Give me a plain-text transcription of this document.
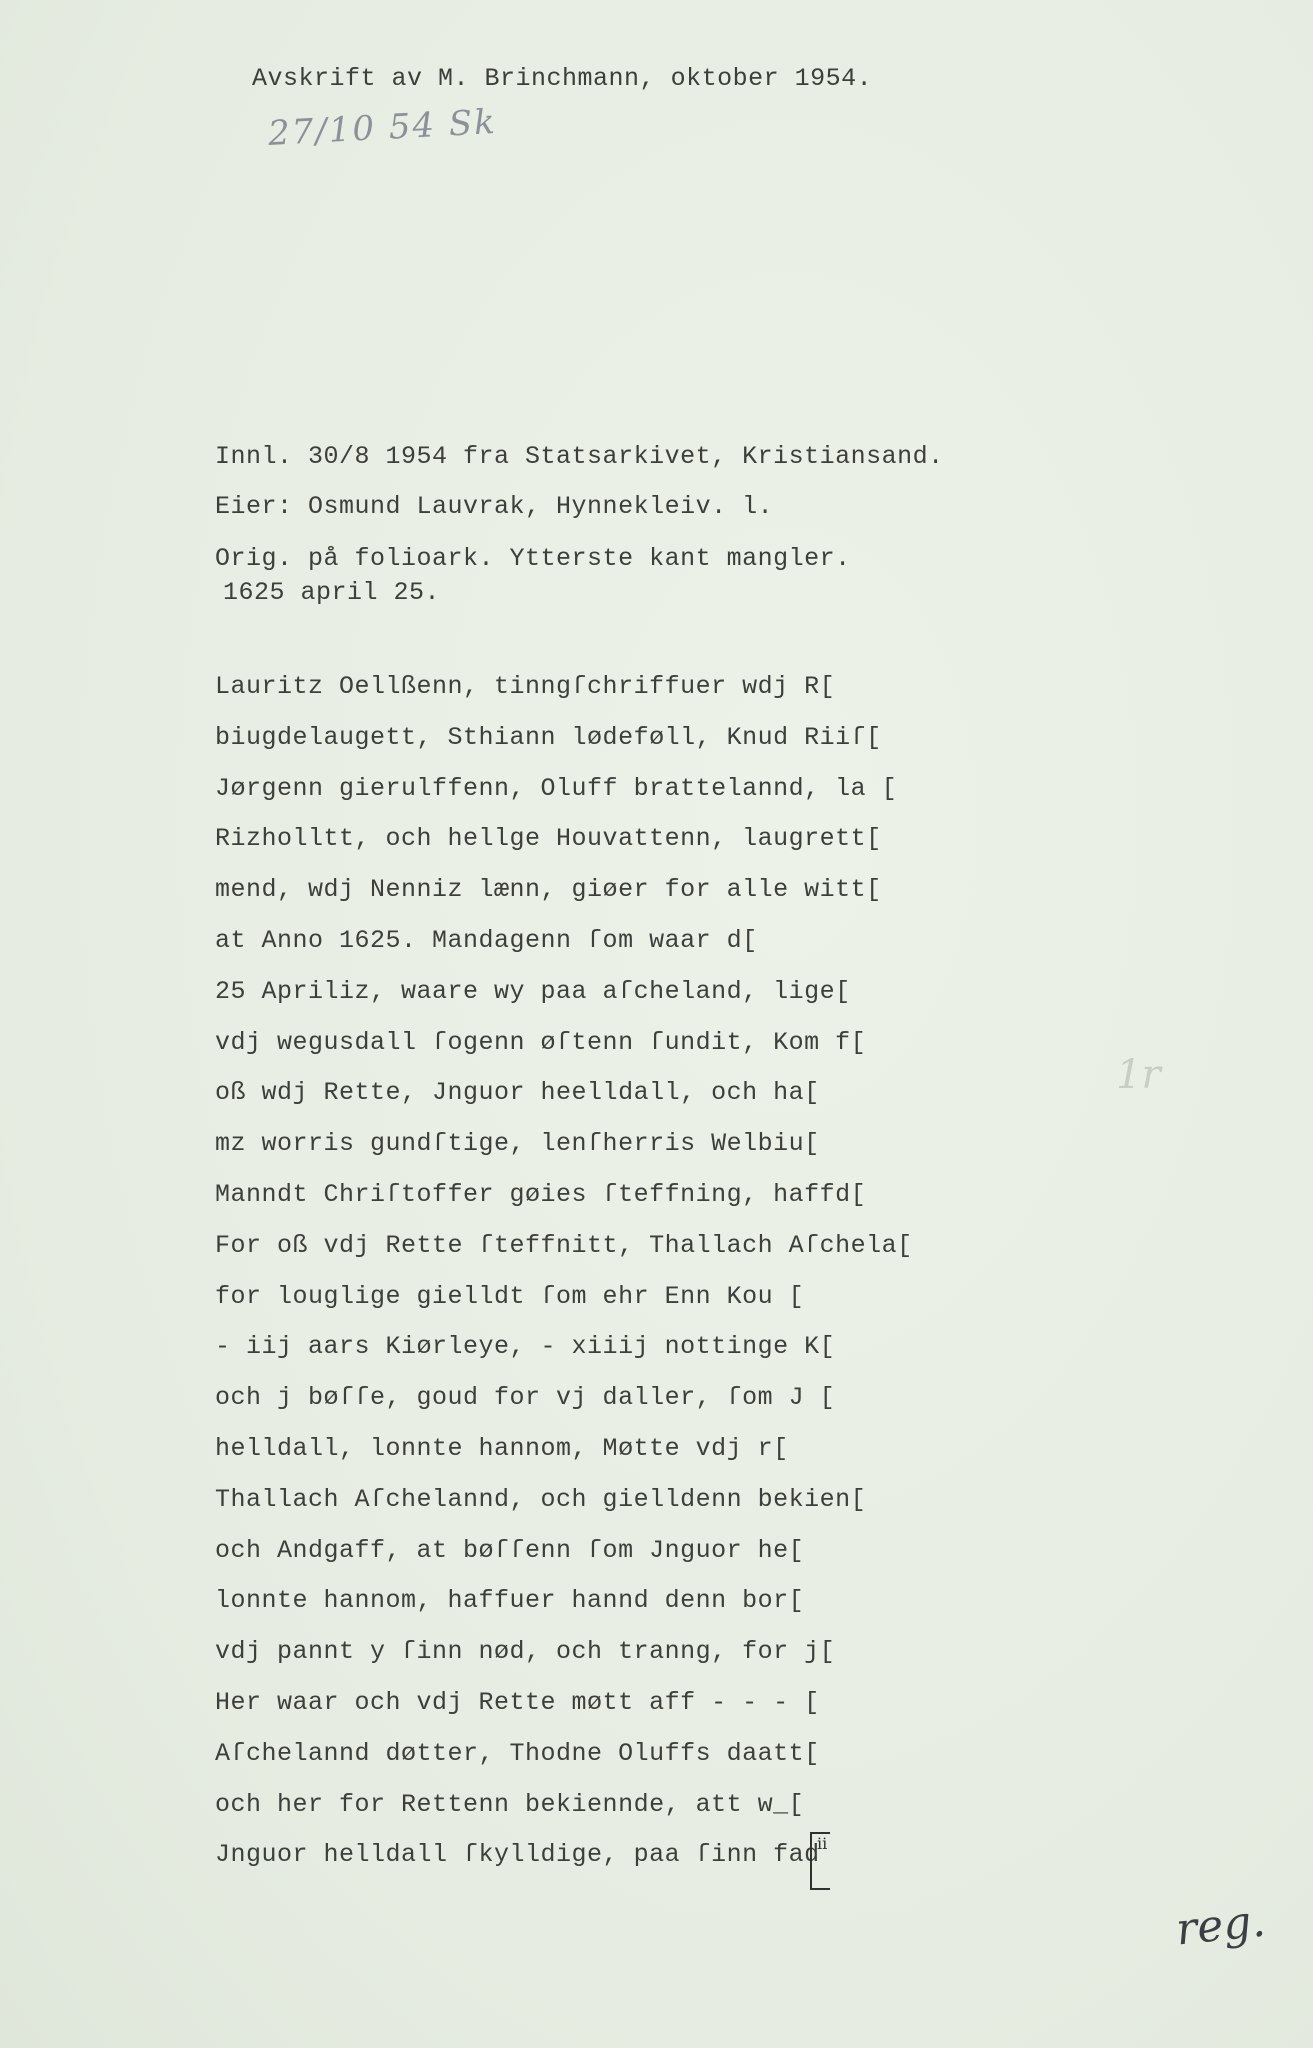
Avskrift av M. Brinchmann, oktober 1954.
27/10 54 Sk
Innl. 30/8 1954 fra Statsarkivet, Kristiansand.
Eier: Osmund Lauvrak, Hynnekleiv. l.
Orig. på folioark. Ytterste kant mangler.
1625 april 25.
Lauritz Oellßenn, tinngſchriffuer wdj R[
biugdelaugett, Sthiann lødeføll, Knud Riiſ[
Jørgenn gierulffenn, Oluff brattelannd, la [
Rizholltt, och hellge Houvattenn, laugrett[
mend, wdj Nenniz lænn, giøer for alle witt[
at Anno 1625. Mandagenn ſom waar d[
25 Apriliz, waare wy paa aſcheland, lige[
vdj wegusdall ſogenn øſtenn ſundit, Kom f[
oß wdj Rette, Jnguor heelldall, och ha[
mz worris gundſtige, lenſherris Welbiu[
Manndt Chriſtoffer gøies ſteffning, haffd[
For oß vdj Rette ſteffnitt, Thallach Aſchela[
for louglige gielldt ſom ehr Enn Kou [
- iij aars Kiørleye, - xiiij nottinge K[
och j bøſſe, goud for vj daller, ſom J [
helldall, lonnte hannom, Møtte vdj r[
Thallach Aſchelannd, och gielldenn bekien[
och Andgaff, at bøſſenn ſom Jnguor he[
lonnte hannom, haffuer hannd denn bor[
vdj pannt y ſinn nød, och tranng, for j[
Her waar och vdj Rette møtt aff - - - [
Aſchelannd døtter, Thodne Oluffs daatt[
och her for Rettenn bekiennde, att w_[
Jnguor helldall ſkylldige, paa ſinn fad
ii
1r
reg.
